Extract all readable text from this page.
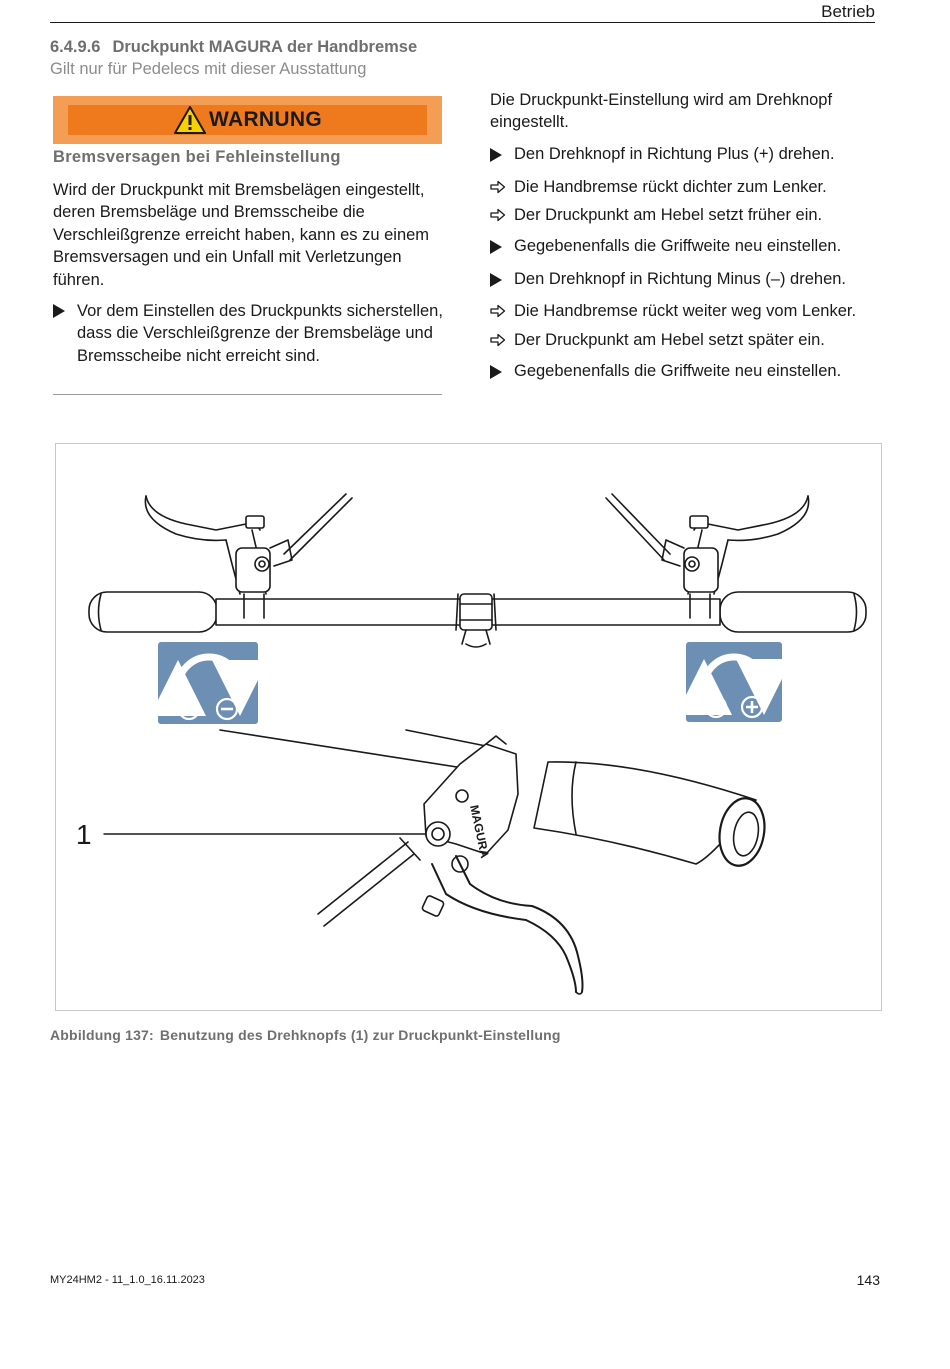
Betrieb
6.4.9.6 Druckpunkt MAGURA der Handbremse
Gilt nur für Pedelecs mit dieser Ausstattung
WARNUNG
Bremsversagen bei Fehleinstellung
Wird der Druckpunkt mit Bremsbelägen eingestellt, deren Bremsbeläge und Bremsscheibe die Verschleißgrenze erreicht haben, kann es zu einem Bremsversagen und ein Unfall mit Verletzungen führen.
Vor dem Einstellen des Druckpunkts sicherstellen, dass die Verschleißgrenze der Bremsbeläge und Bremsscheibe nicht erreicht sind.
Die Druckpunkt-Einstellung wird am Drehknopf eingestellt.
Den Drehknopf in Richtung Plus (+) drehen.
Die Handbremse rückt dichter zum Lenker.
Der Druckpunkt am Hebel setzt früher ein.
Gegebenenfalls die Griffweite neu einstellen.
Den Drehknopf in Richtung Minus (–) drehen.
Die Handbremse rückt weiter weg vom Lenker.
Der Druckpunkt am Hebel setzt später ein.
Gegebenenfalls die Griffweite neu einstellen.
MAGURA
1
Abbildung 137: Benutzung des Drehknopfs (1) zur Druckpunkt-Einstellung
MY24HM2 - 11_1.0_16.11.2023	143
